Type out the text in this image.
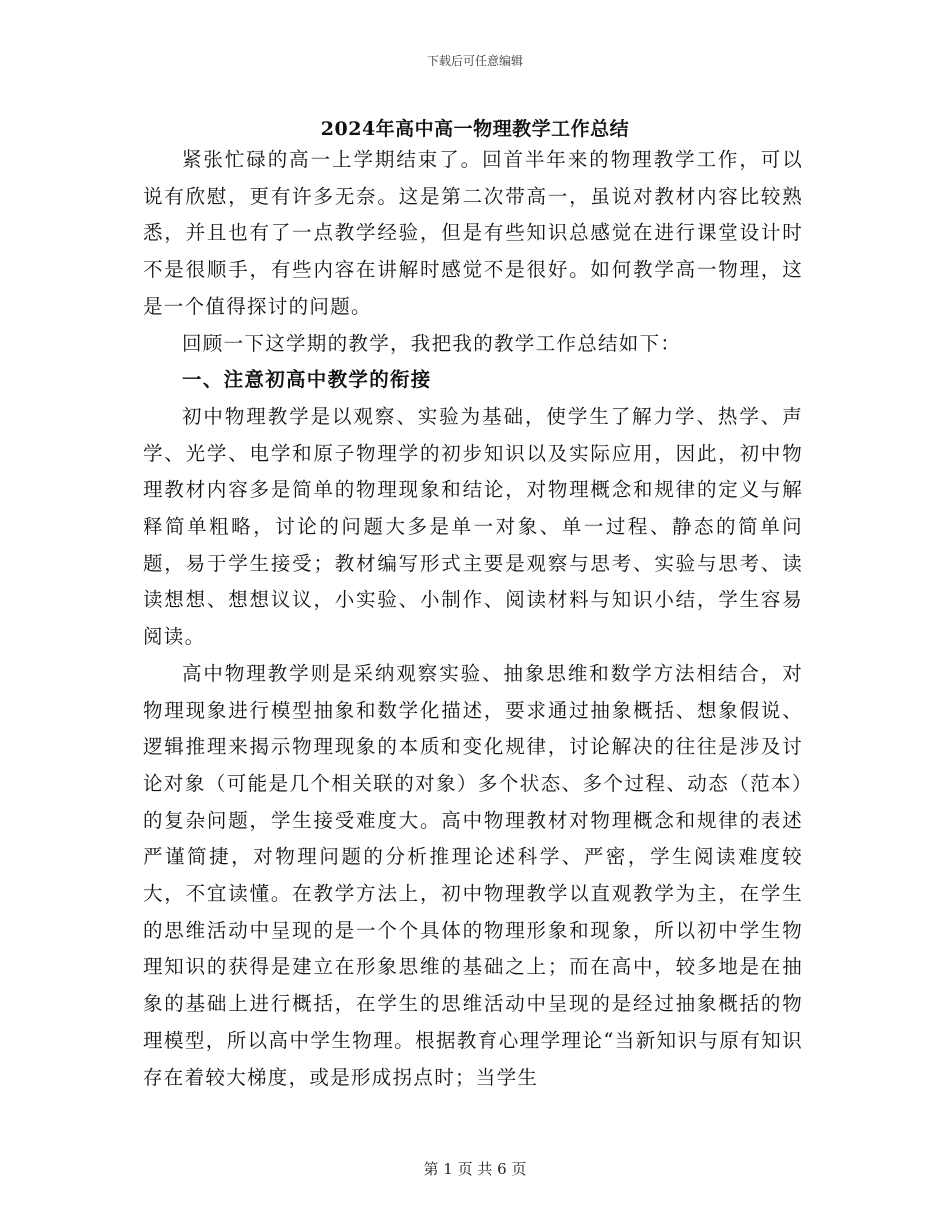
下载后可任意编辑
2024年高中高一物理教学工作总结

紧张忙碌的高一上学期结束了。回首半年来的物理教学工作，可以说有欣慰，更有许多无奈。这是第二次带高一，虽说对教材内容比较熟悉，并且也有了一点教学经验，但是有些知识总感觉在进行课堂设计时不是很顺手，有些内容在讲解时感觉不是很好。如何教学高一物理，这是一个值得探讨的问题。

回顾一下这学期的教学，我把我的教学工作总结如下：

一、注意初高中教学的衔接

初中物理教学是以观察、实验为基础，使学生了解力学、热学、声学、光学、电学和原子物理学的初步知识以及实际应用，因此，初中物理教材内容多是简单的物理现象和结论，对物理概念和规律的定义与解释简单粗略，讨论的问题大多是单一对象、单一过程、静态的简单问题，易于学生接受；教材编写形式主要是观察与思考、实验与思考、读读想想、想想议议，小实验、小制作、阅读材料与知识小结，学生容易阅读。

高中物理教学则是采纳观察实验、抽象思维和数学方法相结合，对物理现象进行模型抽象和数学化描述，要求通过抽象概括、想象假说、逻辑推理来揭示物理现象的本质和变化规律，讨论解决的往往是涉及讨论对象（可能是几个相关联的对象）多个状态、多个过程、动态（范本）的复杂问题，学生接受难度大。高中物理教材对物理概念和规律的表述严谨简捷，对物理问题的分析推理论述科学、严密，学生阅读难度较大，不宜读懂。在教学方法上，初中物理教学以直观教学为主，在学生的思维活动中呈现的是一个个具体的物理形象和现象，所以初中学生物理知识的获得是建立在形象思维的基础之上；而在高中，较多地是在抽象的基础上进行概括，在学生的思维活动中呈现的是经过抽象概括的物理模型，所以高中学生物理。根据教育心理学理论“当新知识与原有知识存在着较大梯度，或是形成拐点时；当学生

第 1 页 共 6 页
